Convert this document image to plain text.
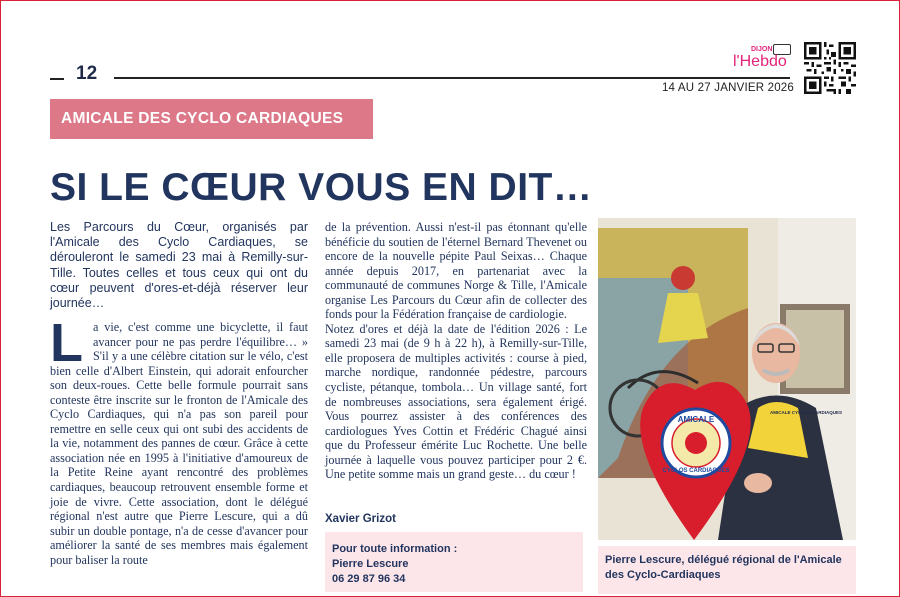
12
14 AU 27 JANVIER 2026
DIJON
l'Hebdo
AMICALE DES CYCLO CARDIAQUES
SI LE CŒUR VOUS EN DIT…

Les Parcours du Cœur, organisés par l'Amicale des Cyclo Cardiaques, se dérouleront le samedi 23 mai à Remilly-sur-Tille. Toutes celles et tous ceux qui ont du cœur peuvent d'ores-et-déjà réserver leur journée…

La vie, c'est comme une bicyclette, il faut avancer pour ne pas perdre l'équilibre… » S'il y a une célèbre citation sur le vélo, c'est bien celle d'Albert Einstein, qui adorait enfourcher son deux-roues. Cette belle formule pourrait sans conteste être inscrite sur le fronton de l'Amicale des Cyclo Cardiaques, qui n'a pas son pareil pour remettre en selle ceux qui ont subi des accidents de la vie, notamment des pannes de cœur. Grâce à cette association née en 1995 à l'initiative d'amoureux de la Petite Reine ayant rencontré des problèmes cardiaques, beaucoup retrouvent ensemble forme et joie de vivre. Cette association, dont le délégué régional n'est autre que Pierre Lescure, qui a dû subir un double pontage, n'a de cesse d'avancer pour améliorer la santé de ses membres mais également pour baliser la route

de la prévention. Aussi n'est-il pas étonnant qu'elle bénéficie du soutien de l'éternel Bernard Thevenet ou encore de la nouvelle pépite Paul Seixas… Chaque année depuis 2017, en partenariat avec la communauté de communes Norge & Tille, l'Amicale organise Les Parcours du Cœur afin de collecter des fonds pour la Fédération française de cardiologie.
Notez d'ores et déjà la date de l'édition 2026 : Le samedi 23 mai (de 9 h à 22 h), à Remilly-sur-Tille, elle proposera de multiples activités : course à pied, marche nordique, randonnée pédestre, parcours cycliste, pétanque, tombola… Un village santé, fort de nombreuses associations, sera également érigé. Vous pourrez assister à des conférences des cardiologues Yves Cottin et Frédéric Chagué ainsi que du Professeur émérite Luc Rochette. Une belle journée à laquelle vous pouvez participer pour 2 €. Une petite somme mais un grand geste… du cœur !
Xavier Grizot
Pour toute information :
Pierre Lescure
06 29 87 96 34
AMICALE
CYCLOS CARDIAQUES
AMICALE CYCLOS CARDIAQUES
Pierre Lescure, délégué régional de l'Amicale des Cyclo-Cardiaques
